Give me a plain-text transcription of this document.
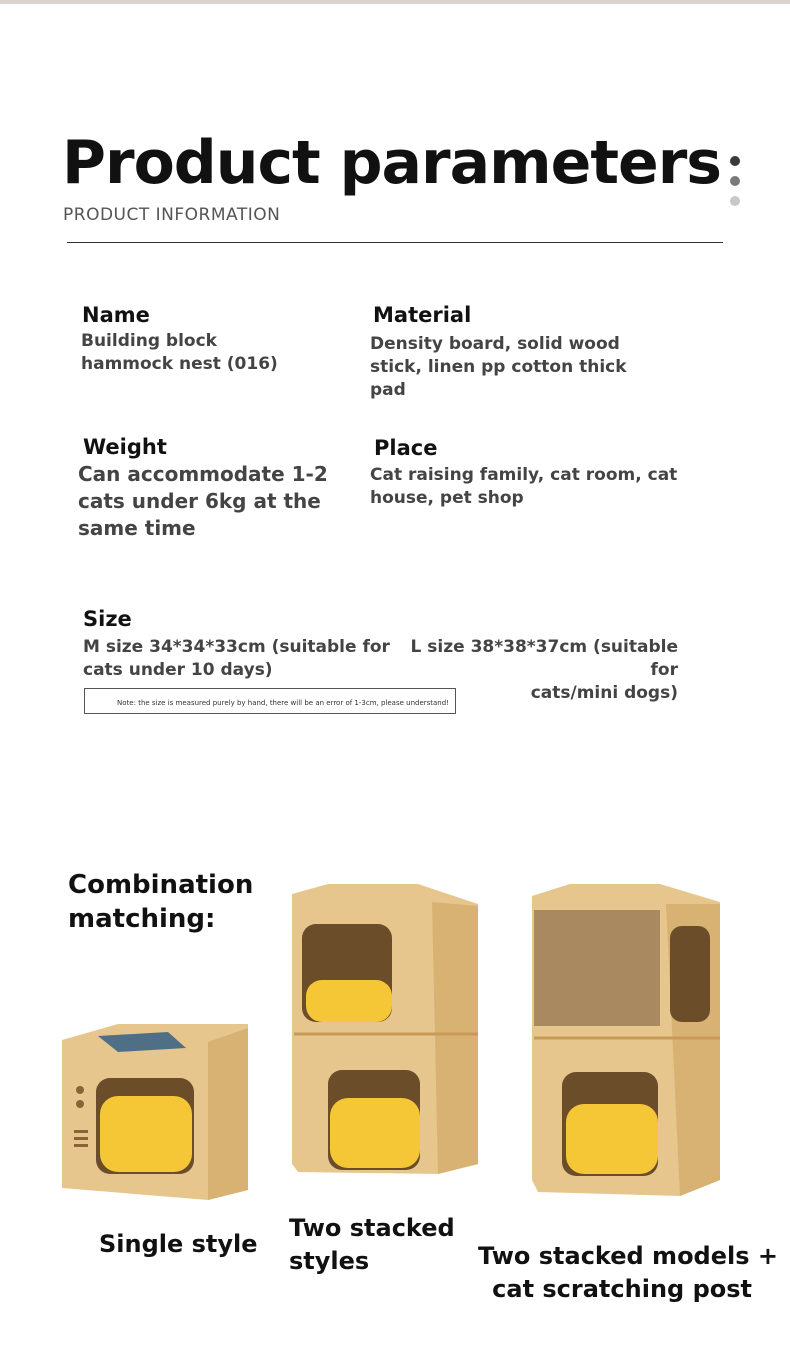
Product parameters
PRODUCT INFORMATION
Name
Building block
hammock nest (016)
Material
Density board, solid wood
stick, linen pp cotton thick
pad
Weight
Can accommodate 1-2
cats under 6kg at the
same time
Place
Cat raising family, cat room, cat
house, pet shop
Size
M size 34*34*33cm (suitable for
cats under 10 days)
L size 38*38*37cm (suitable for
cats/mini dogs)
Note: the size is measured purely by hand, there will be an error of 1-3cm, please understand!
Combination
matching:
Single style
Two stacked
styles	Two stacked models +
cat scratching post
